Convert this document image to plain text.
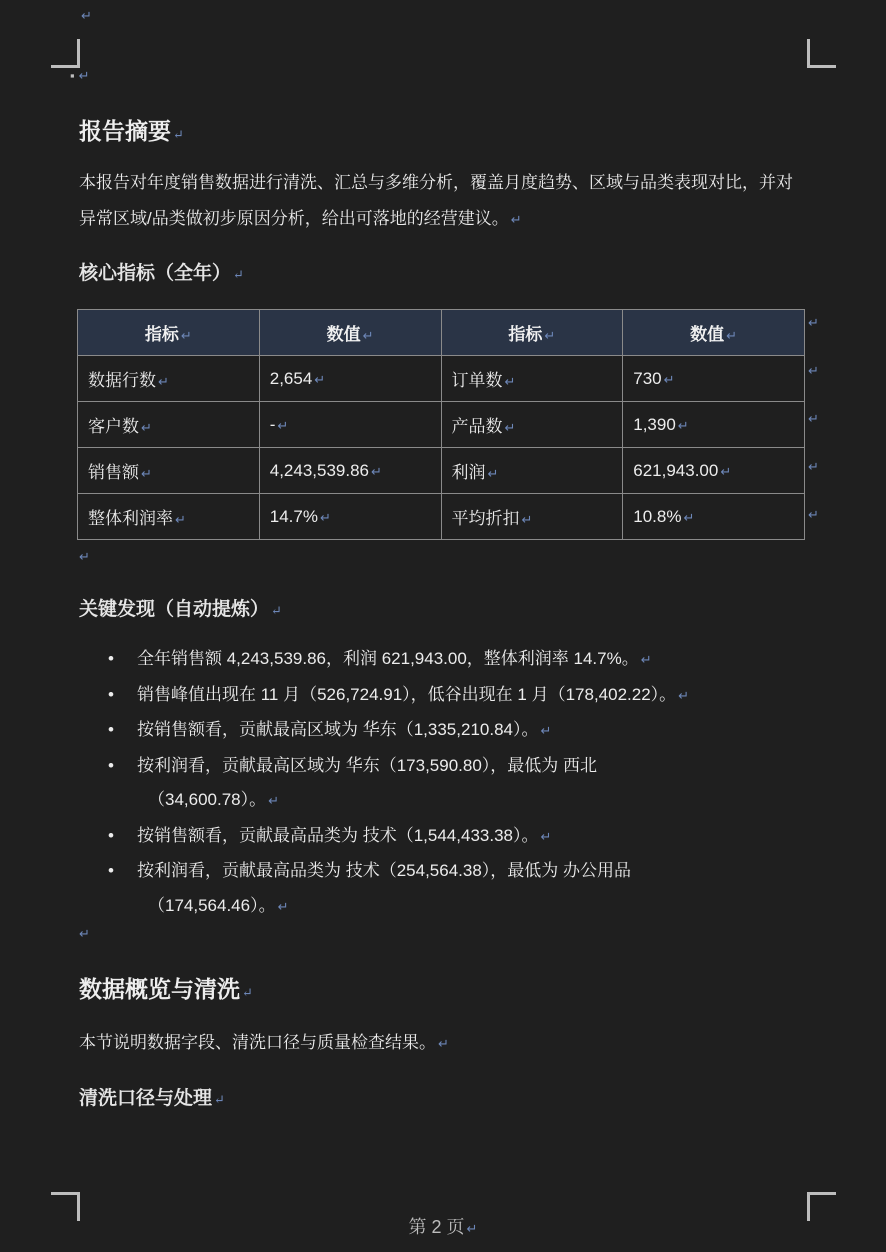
↵
▪ ↵
报告摘要 ↵

本报告对年度销售数据进行清洗、汇总与多维分析，覆盖月度趋势、区域与品类表现对比，并对异常区域/品类做初步原因分析，给出可落地的经营建议。 ↵

核心指标（全年） ↵
指标 ↵	数值 ↵	指标 ↵	数值 ↵
数据行数 ↵	2,654 ↵	订单数 ↵	730 ↵
客户数 ↵	- ↵	产品数 ↵	1,390 ↵
销售额 ↵	4,243,539.86 ↵	利润 ↵	621,943.00 ↵
整体利润率 ↵	14.7% ↵	平均折扣 ↵	10.8% ↵
↵
↵
↵
↵
↵
↵
关键发现（自动提炼） ↵
• 全年销售额 4,243,539.86，利润 621,943.00，整体利润率 14.7%。 ↵
• 销售峰值出现在 11 月（526,724.91），低谷出现在 1 月（178,402.22）。 ↵
• 按销售额看，贡献最高区域为 华东（1,335,210.84）。 ↵
• 按利润看，贡献最高区域为 华东（173,590.80），最低为 西北
（34,600.78）。 ↵
• 按销售额看，贡献最高品类为 技术（1,544,433.38）。 ↵
• 按利润看，贡献最高品类为 技术（254,564.38），最低为 办公用品
（174,564.46）。 ↵
↵
数据概览与清洗 ↵

本节说明数据字段、清洗口径与质量检查结果。 ↵

清洗口径与处理 ↵
第 2 页 ↵
